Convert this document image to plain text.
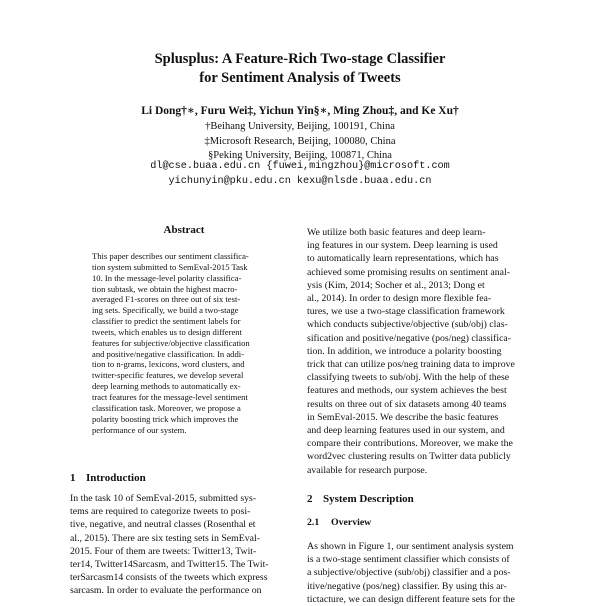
Splusplus: A Feature-Rich Two-stage Classifier
for Sentiment Analysis of Tweets
Li Dong†∗, Furu Wei‡, Yichun Yin§∗, Ming Zhou‡, and Ke Xu†
†Beihang University, Beijing, 100191, China
‡Microsoft Research, Beijing, 100080, China
§Peking University, Beijing, 100871, China
dl@cse.buaa.edu.cn {fuwei,mingzhou}@microsoft.com
yichunyin@pku.edu.cn kexu@nlsde.buaa.edu.cn
Abstract
This paper describes our sentiment classifica-
tion system submitted to SemEval-2015 Task
10. In the message-level polarity classifica-
tion subtask, we obtain the highest macro-
averaged F1-scores on three out of six test-
ing sets. Specifically, we build a two-stage
classifier to predict the sentiment labels for
tweets, which enables us to design different
features for subjective/objective classification
and positive/negative classification. In addi-
tion to n-grams, lexicons, word clusters, and
twitter-specific features, we develop several
deep learning methods to automatically ex-
tract features for the message-level sentiment
classification task. Moreover, we propose a
polarity boosting trick which improves the
performance of our system.
1 Introduction
In the task 10 of SemEval-2015, submitted sys-
tems are required to categorize tweets to posi-
tive, negative, and neutral classes (Rosenthal et
al., 2015). There are six testing sets in SemEval-
2015. Four of them are tweets: Twitter13, Twit-
ter14, Twitter14Sarcasm, and Twitter15. The Twit-
terSarcasm14 consists of the tweets which express
sarcasm. In order to evaluate the performance on
We utilize both basic features and deep learn-
ing features in our system. Deep learning is used
to automatically learn representations, which has
achieved some promising results on sentiment anal-
ysis (Kim, 2014; Socher et al., 2013; Dong et
al., 2014). In order to design more flexible fea-
tures, we use a two-stage classification framework
which conducts subjective/objective (sub/obj) clas-
sification and positive/negative (pos/neg) classifica-
tion. In addition, we introduce a polarity boosting
trick that can utilize pos/neg training data to improve
classifying tweets to sub/obj. With the help of these
features and methods, our system achieves the best
results on three out of six datasets among 40 teams
in SemEval-2015. We describe the basic features
and deep learning features used in our system, and
compare their contributions. Moreover, we make the
word2vec clustering results on Twitter data publicly
available for research purpose.
2 System Description
2.1 Overview
As shown in Figure 1, our sentiment analysis system
is a two-stage sentiment classifier which consists of
a subjective/objective (sub/obj) classifier and a pos-
itive/negative (pos/neg) classifier. By using this ar-
tictacture, we can design different feature sets for the
